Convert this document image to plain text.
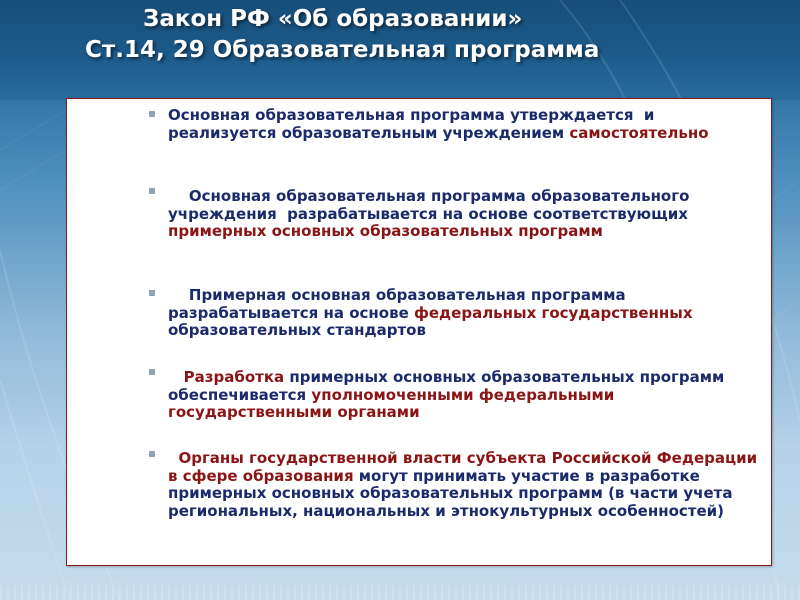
Закон РФ «Об образовании»
Ст.14, 29 Образовательная программа
Основная образовательная программа утверждается  и реализуется образовательным учреждением самостоятельно
Основная образовательная программа образовательного учреждения  разрабатывается на основе соответствующих примерных основных образовательных программ
Примерная основная образовательная программа разрабатывается на основе федеральных государственных образовательных стандартов
Разработка примерных основных образовательных программ обеспечивается уполномоченными федеральными государственными органами
Органы государственной власти субъекта Российской Федерации в сфере образования могут принимать участие в разработке примерных основных образовательных программ (в части учета региональных, национальных и этнокультурных особенностей)
